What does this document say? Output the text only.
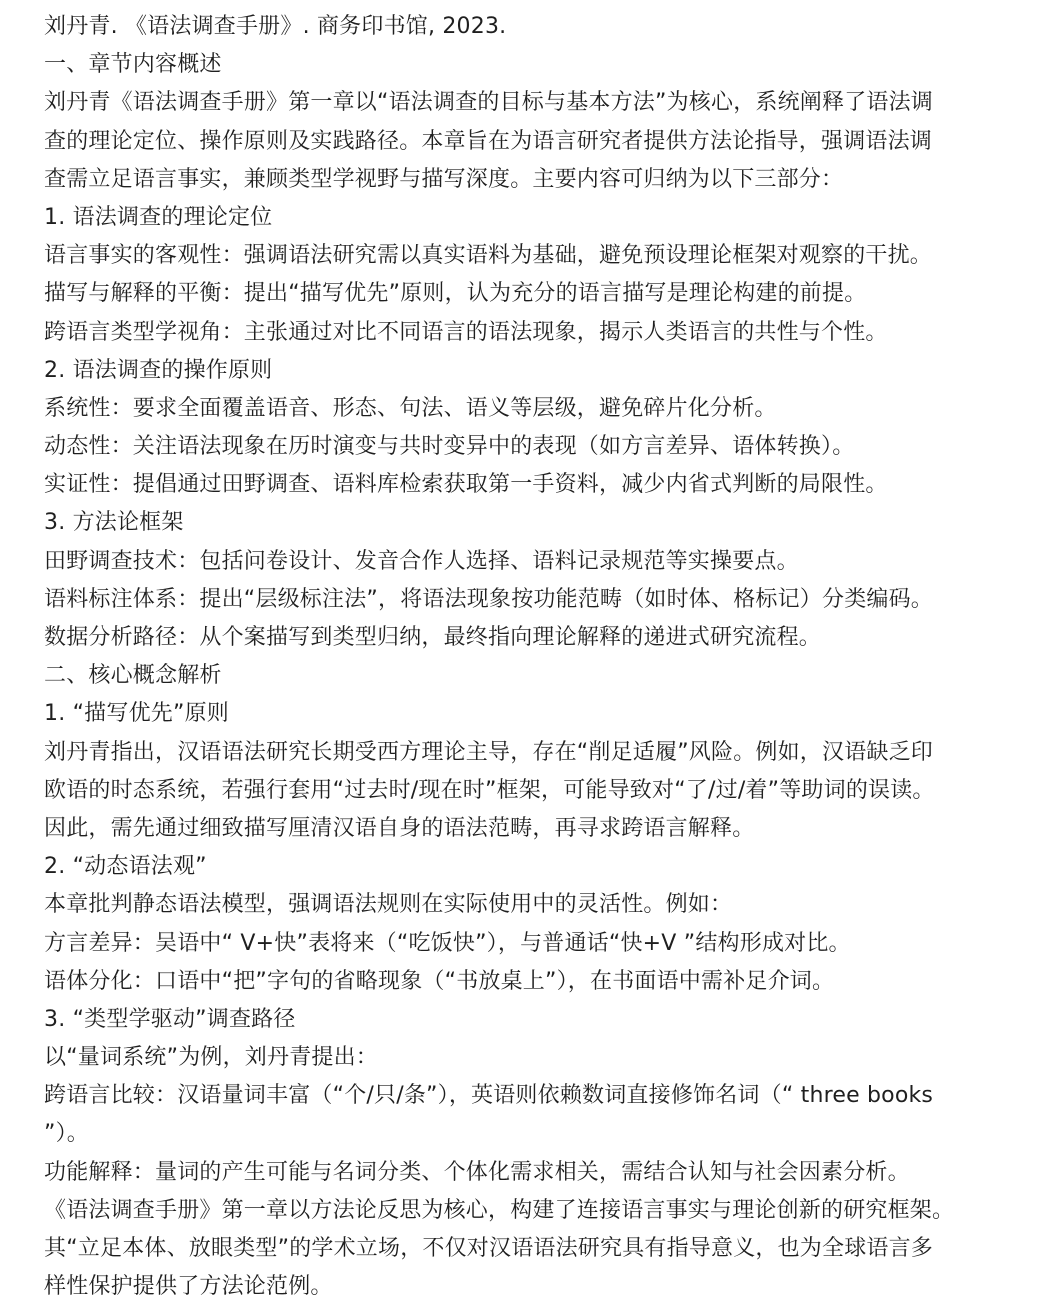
刘丹青. 《语法调查手册》. 商务印书馆, 2023.
一、章节内容概述
刘丹青《语法调查手册》第一章以“语法调查的目标与基本方法”为核心，系统阐释了语法调
查的理论定位、操作原则及实践路径。本章旨在为语言研究者提供方法论指导，强调语法调
查需立足语言事实，兼顾类型学视野与描写深度。主要内容可归纳为以下三部分：
1. 语法调查的理论定位
语言事实的客观性：强调语法研究需以真实语料为基础，避免预设理论框架对观察的干扰。
描写与解释的平衡：提出“描写优先”原则，认为充分的语言描写是理论构建的前提。
跨语言类型学视角：主张通过对比不同语言的语法现象，揭示人类语言的共性与个性。
2. 语法调查的操作原则
系统性：要求全面覆盖语音、形态、句法、语义等层级，避免碎片化分析。
动态性：关注语法现象在历时演变与共时变异中的表现（如方言差异、语体转换）。
实证性：提倡通过田野调查、语料库检索获取第一手资料，减少内省式判断的局限性。
3. 方法论框架
田野调查技术：包括问卷设计、发音合作人选择、语料记录规范等实操要点。
语料标注体系：提出“层级标注法”，将语法现象按功能范畴（如时体、格标记）分类编码。
数据分析路径：从个案描写到类型归纳，最终指向理论解释的递进式研究流程。
二、核心概念解析
1. “描写优先”原则
刘丹青指出，汉语语法研究长期受西方理论主导，存在“削足适履”风险。例如，汉语缺乏印
欧语的时态系统，若强行套用“过去时/现在时”框架，可能导致对“了/过/着”等助词的误读。
因此，需先通过细致描写厘清汉语自身的语法范畴，再寻求跨语言解释。
2. “动态语法观”
本章批判静态语法模型，强调语法规则在实际使用中的灵活性。例如：
方言差异：吴语中“ V+快”表将来（“吃饭快”），与普通话“快+V ”结构形成对比。
语体分化：口语中“把”字句的省略现象（“书放桌上”），在书面语中需补足介词。
3. “类型学驱动”调查路径
以“量词系统”为例，刘丹青提出：
跨语言比较：汉语量词丰富（“个/只/条”），英语则依赖数词直接修饰名词（“ three books
”）。
功能解释：量词的产生可能与名词分类、个体化需求相关，需结合认知与社会因素分析。
《语法调查手册》第一章以方法论反思为核心，构建了连接语言事实与理论创新的研究框架。
其“立足本体、放眼类型”的学术立场，不仅对汉语语法研究具有指导意义，也为全球语言多
样性保护提供了方法论范例。
